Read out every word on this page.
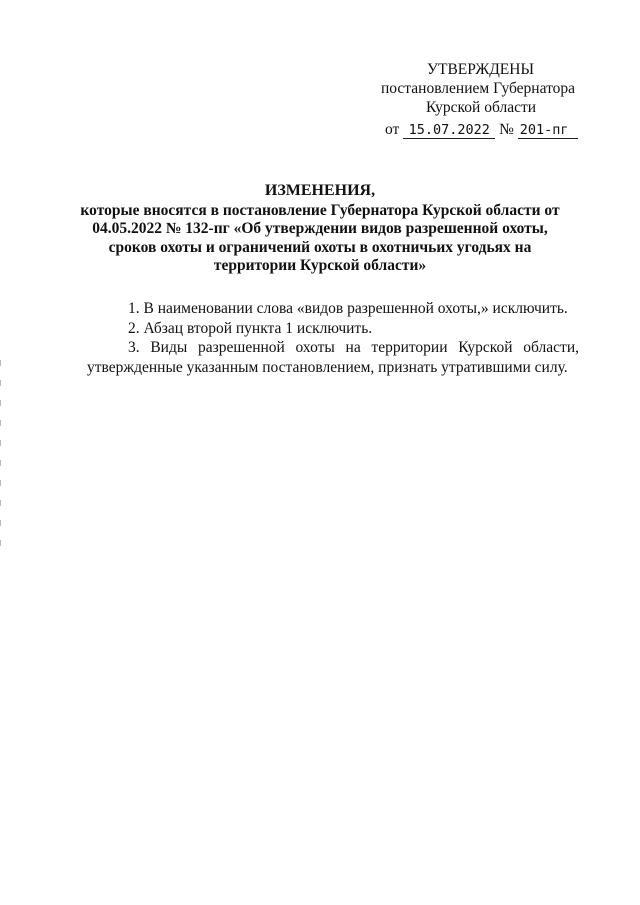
УТВЕРЖДЕНЫ
постановлением Губернатора
Курской области
от 15.07.2022 № 201-пг
ИЗМЕНЕНИЯ,
которые вносятся в постановление Губернатора Курской области от
04.05.2022 № 132-пг «Об утверждении видов разрешенной охоты,
сроков охоты и ограничений охоты в охотничьих угодьях на
территории Курской области»

1. В наименовании слова «видов разрешенной охоты,» исключить.

2. Абзац второй пункта 1 исключить.

3. Виды разрешенной охоты на территории Курской области,
утвержденные указанным постановлением, признать утратившими силу.
